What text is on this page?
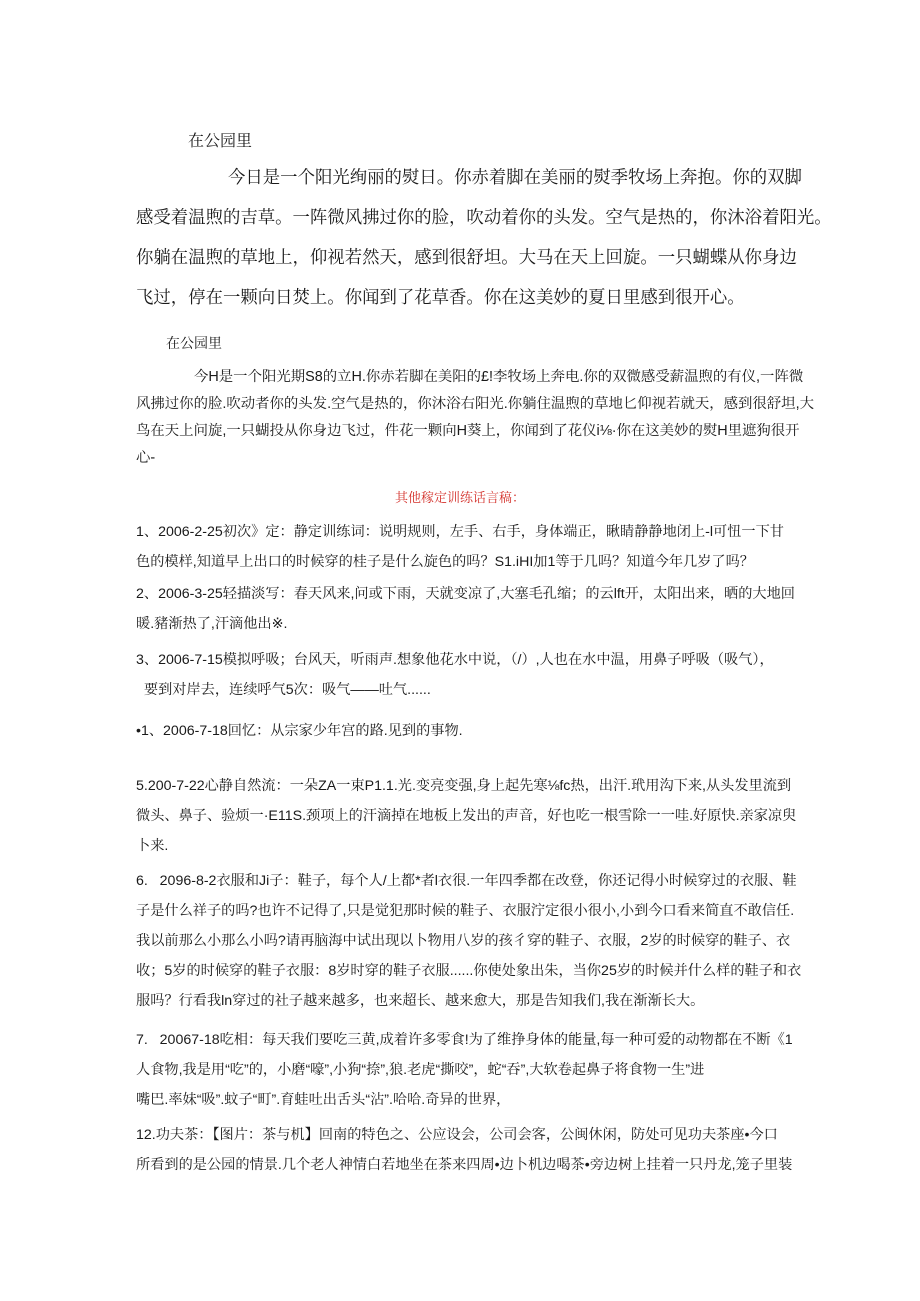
在公园里
今日是一个阳光绚丽的熨日。你赤着脚在美丽的熨季牧场上奔抱。你的双脚
感受着温煦的吉草。一阵微风拂过你的脸，吹动着你的头发。空气是热的，你沐浴着阳光。
你躺在温煦的草地上，仰视若然天，感到很舒坦。大马在天上回旋。一只蝴蝶从你身边
飞过，停在一颗向日焚上。你闻到了花草香。你在这美妙的夏日里感到很开心。
在公园里
今H是一个阳光期S8的立H.你赤若脚在美阳的£!李牧场上奔电.你的双微感受薪温煦的有仪,一阵微
风拂过你的脸.吹动者你的头发.空气是热的，你沐浴右阳光.你躺住温煦的草地匕仰视若就天，感到很舒坦,大
鸟在天上问旋,一只蝴投从你身边飞过，件花一颗向H葵上，你闻到了花仪i⅛·你在这美妙的熨H里遮狗很开
心-
其他稼定训练话言稿：
1、2006-2-25初次》定：静定训练词：说明规则，左手、右手，身体端正，瞅睛静静地闭上-l可忸一下甘
色的模样,知道早上出口的时候穿的桂子是什么旋色的吗？S1.iHI加1等于几吗？知道今年几岁了吗？
2、2006-3-25轻描淡写：春天风来,问或下雨，天就变凉了,大塞毛孔缩；的云lft开，太阳出来，晒的大地回
暖.豬渐热了,汗滴他出※.
3、2006-7-15模拟呼吸；台风天，听雨声.想象他花水中说，（/）,人也在水中温，用鼻子呼吸（吸气），
要到对岸去，连续呼气5次：吸气——吐气......
•1、2006-7-18回忆：从宗家少年宫的路.见到的事物.
5.200-7-22心静自然流：一朵ZA一束P1.1.光.变亮变强,身上起先寒⅛fc热，出汗.玳用沟下来,从头发里流到
微头、鼻子、验烦一·E11S.颈项上的汗滴掉在地板上发出的声音，好也吃一根雪除一一哇.好原快.亲家凉臾
卜来.
6.   2096-8-2衣服和Ji子：鞋子，每个人/上都*者l衣很.一年四季都在改登，你还记得小时候穿过的衣服、鞋
子是什么祥子的吗?也许不记得了,只是觉犯那时候的鞋子、衣服泞定很小很小,小到今口看来简直不敢信任.
我以前那么小那么小吗?请再脑海中试出现以卜物用八岁的孩彳穿的鞋子、衣服，2岁的时候穿的鞋子、衣
收；5岁的时候穿的鞋子衣服：8岁时穿的鞋子衣服......你使处象出朱，当你25岁的时候并什么样的鞋子和衣
服吗？行看我ln穿过的社子越来越多，也来超长、越来愈大，那是告知我们,我在渐渐长大。
7.   20067-18吃相：每天我们要吃三黄,成着许多零食!为了维挣身体的能量,每一种可爱的动物都在不断《1
人食物,我是用“吃”的，小磨“嚎”,小狗“捺”,狼.老虎“撕咬”，蛇“吞”,大软卷起鼻子将食物一生”进
嘴巴.率妹“吸”.蚊子“町”.育蛙吐出舌头“沾”.哈哈.奇异的世界，
12.功夫茶：【图片：茶与机】回南的特色之、公应设会，公司会客，公闽休闲，防处可见功夫茶座•今口
所看到的是公园的情景.几个老人神情白若地坐在茶来四周•边卜机边喝茶•旁边树上挂着一只丹龙,笼子里装
